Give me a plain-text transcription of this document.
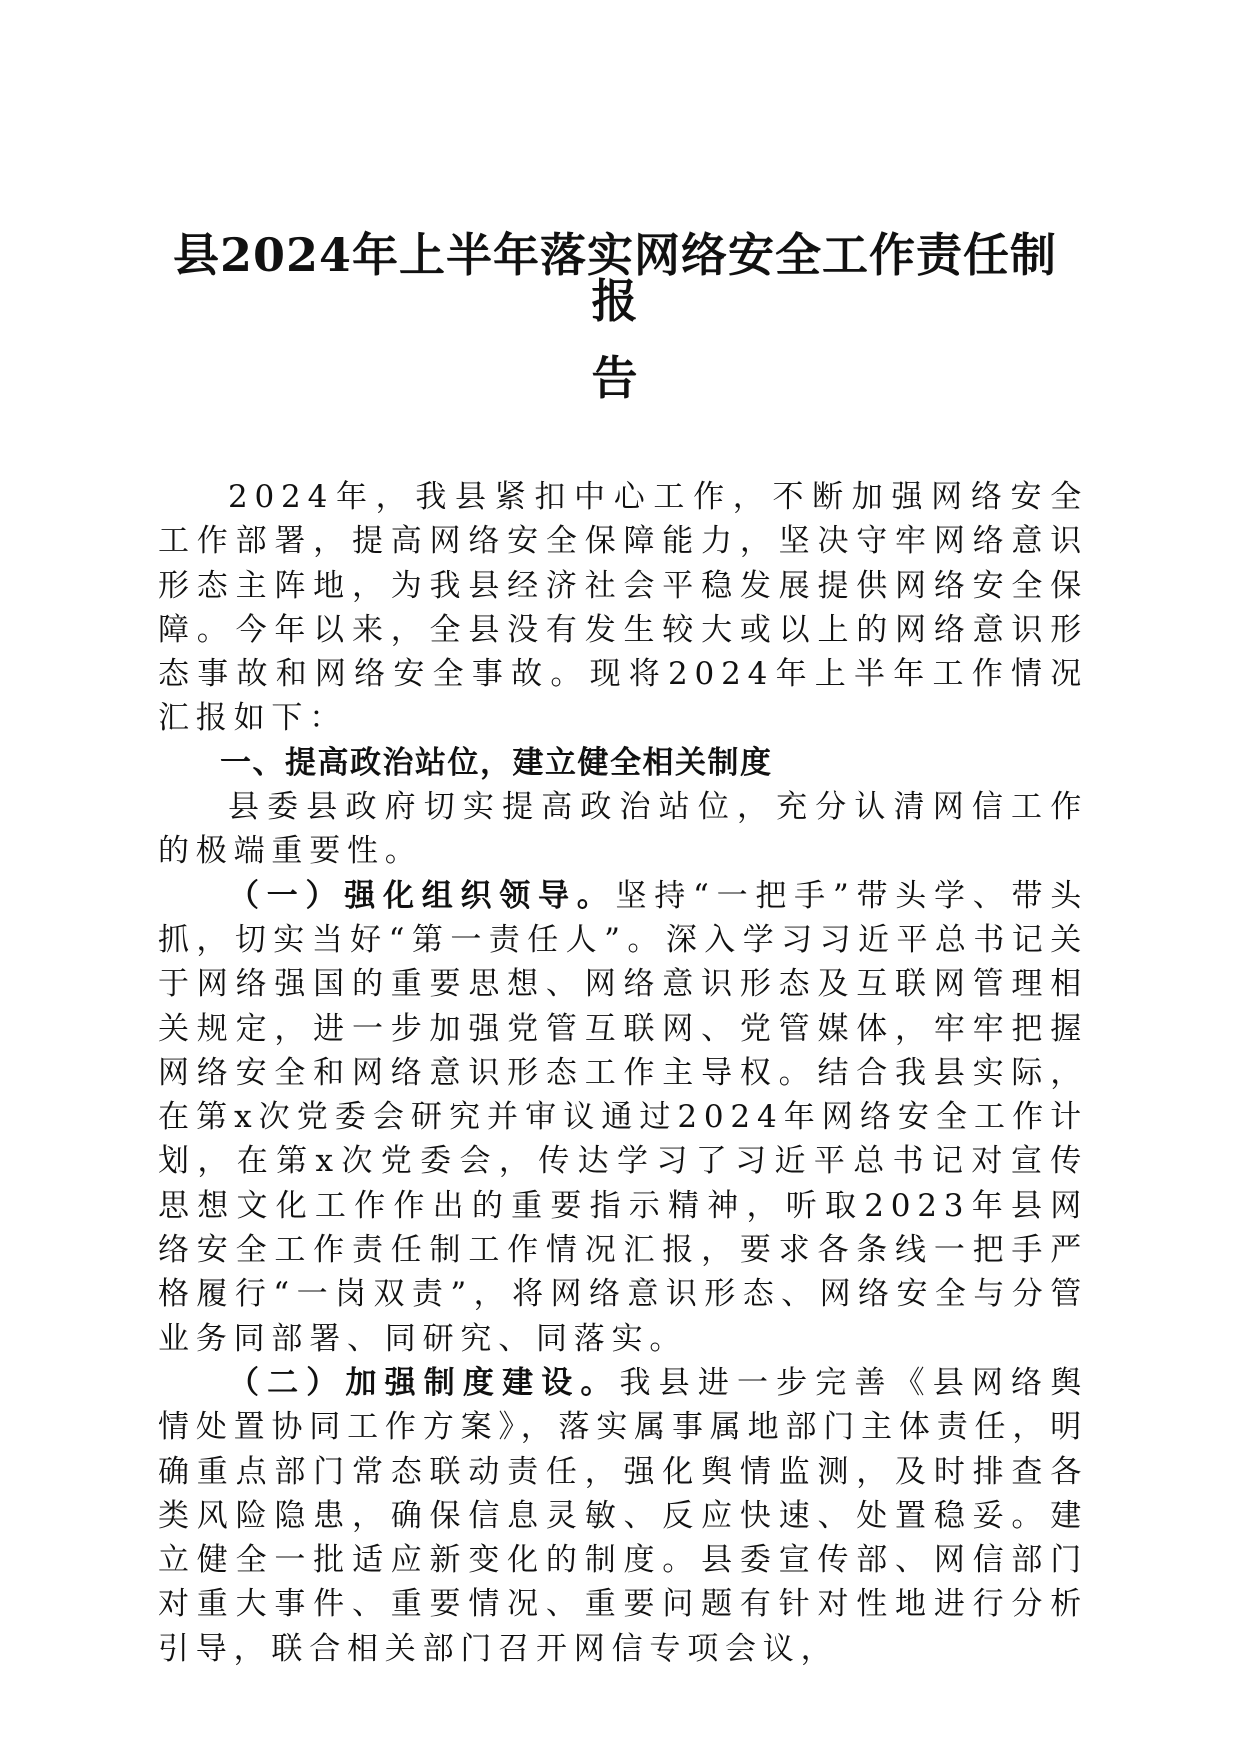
县2024年上半年落实网络安全工作责任制报
告

2024年，我县紧扣中心工作，不断加强网络安全工作部署，提高网络安全保障能力，坚决守牢网络意识形态主阵地，为我县经济社会平稳发展提供网络安全保障。今年以来，全县没有发生较大或以上的网络意识形态事故和网络安全事故。现将2024年上半年工作情况汇报如下：

一、提高政治站位，建立健全相关制度

县委县政府切实提高政治站位，充分认清网信工作的极端重要性。

（一）强化组织领导。坚持“一把手”带头学、带头抓，切实当好“第一责任人”。深入学习习近平总书记关于网络强国的重要思想、网络意识形态及互联网管理相关规定，进一步加强党管互联网、党管媒体，牢牢把握网络安全和网络意识形态工作主导权。结合我县实际，在第x次党委会研究并审议通过2024年网络安全工作计划，在第x次党委会，传达学习了习近平总书记对宣传思想文化工作作出的重要指示精神，听取2023年县网络安全工作责任制工作情况汇报，要求各条线一把手严格履行“一岗双责”，将网络意识形态、网络安全与分管业务同部署、同研究、同落实。

（二）加强制度建设。我县进一步完善《县网络舆情处置协同工作方案》，落实属事属地部门主体责任，明确重点部门常态联动责任，强化舆情监测，及时排查各类风险隐患，确保信息灵敏、反应快速、处置稳妥。建立健全一批适应新变化的制度。县委宣传部、网信部门对重大事件、重要情况、重要问题有针对性地进行分析引导，联合相关部门召开网信专项会议，
